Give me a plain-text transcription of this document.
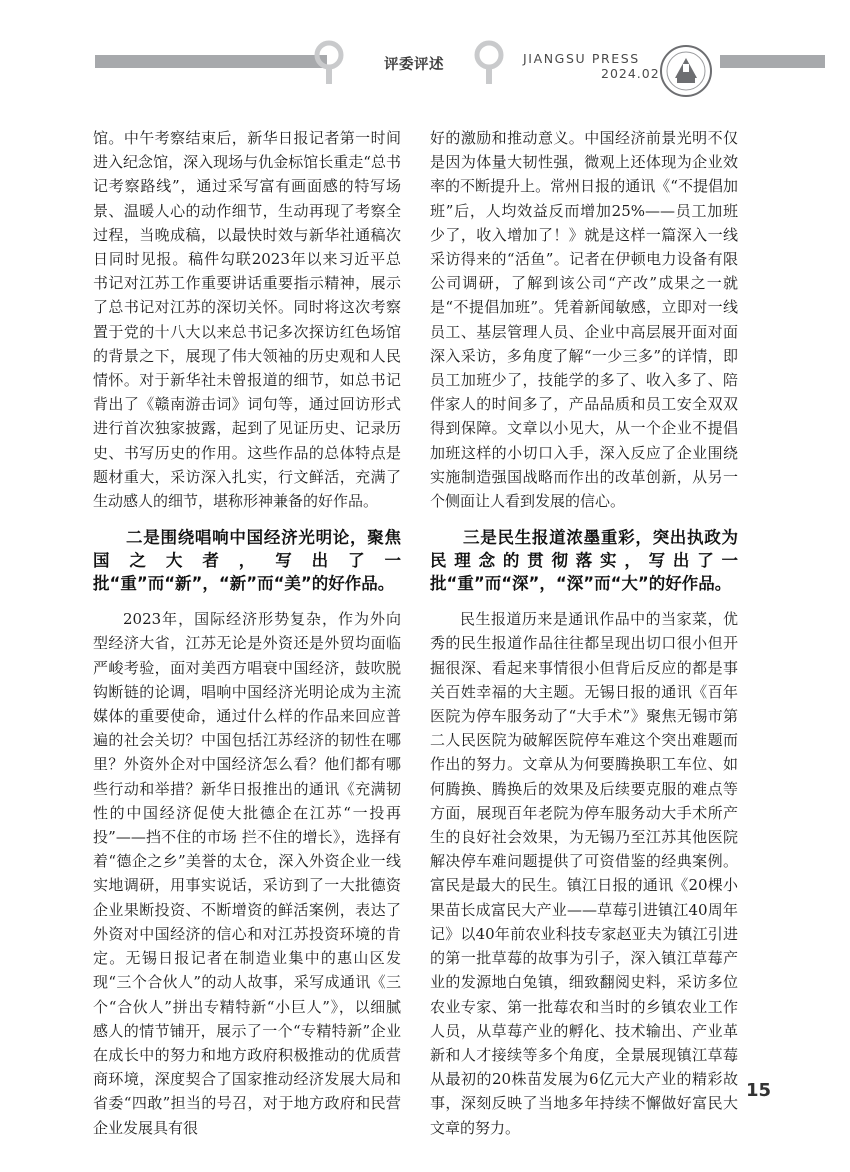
评委评述	JIANGSU PRESS
2024.02

馆。中午考察结束后，新华日报记者第一时间进入纪念馆，深入现场与仇金标馆长重走“总书记考察路线”，通过采写富有画面感的特写场景、温暖人心的动作细节，生动再现了考察全过程，当晚成稿，以最快时效与新华社通稿次日同时见报。稿件勾联2023年以来习近平总书记对江苏工作重要讲话重要指示精神，展示了总书记对江苏的深切关怀。同时将这次考察置于党的十八大以来总书记多次探访红色场馆的背景之下，展现了伟大领袖的历史观和人民情怀。对于新华社未曾报道的细节，如总书记背出了《赣南游击词》词句等，通过回访形式进行首次独家披露，起到了见证历史、记录历史、书写历史的作用。这些作品的总体特点是题材重大，采访深入扎实，行文鲜活，充满了生动感人的细节，堪称形神兼备的好作品。

二是围绕唱响中国经济光明论，聚焦国之大者，写出了一批“重”而“新”，“新”而“美”的好作品。

2023年，国际经济形势复杂，作为外向型经济大省，江苏无论是外资还是外贸均面临严峻考验，面对美西方唱衰中国经济，鼓吹脱钩断链的论调，唱响中国经济光明论成为主流媒体的重要使命，通过什么样的作品来回应普遍的社会关切？中国包括江苏经济的韧性在哪里？外资外企对中国经济怎么看？他们都有哪些行动和举措？新华日报推出的通讯《充满韧性的中国经济促使大批德企在江苏“一投再投”——挡不住的市场 拦不住的增长》，选择有着“德企之乡”美誉的太仓，深入外资企业一线实地调研，用事实说话，采访到了一大批德资企业果断投资、不断增资的鲜活案例，表达了外资对中国经济的信心和对江苏投资环境的肯定。无锡日报记者在制造业集中的惠山区发现“三个合伙人”的动人故事，采写成通讯《三个“合伙人”拼出专精特新“小巨人”》，以细腻感人的情节铺开，展示了一个“专精特新”企业在成长中的努力和地方政府积极推动的优质营商环境，深度契合了国家推动经济发展大局和省委“四敢”担当的号召，对于地方政府和民营企业发展具有很

好的激励和推动意义。中国经济前景光明不仅是因为体量大韧性强，微观上还体现为企业效率的不断提升上。常州日报的通讯《“不提倡加班”后，人均效益反而增加25%——员工加班少了，收入增加了！》就是这样一篇深入一线采访得来的“活鱼”。记者在伊顿电力设备有限公司调研，了解到该公司“产改”成果之一就是“不提倡加班”。凭着新闻敏感，立即对一线员工、基层管理人员、企业中高层展开面对面深入采访，多角度了解“一少三多”的详情，即员工加班少了，技能学的多了、收入多了、陪伴家人的时间多了，产品品质和员工安全双双得到保障。文章以小见大，从一个企业不提倡加班这样的小切口入手，深入反应了企业围绕实施制造强国战略而作出的改革创新，从另一个侧面让人看到发展的信心。

三是民生报道浓墨重彩，突出执政为民理念的贯彻落实，写出了一批“重”而“深”，“深”而“大”的好作品。

民生报道历来是通讯作品中的当家菜，优秀的民生报道作品往往都呈现出切口很小但开掘很深、看起来事情很小但背后反应的都是事关百姓幸福的大主题。无锡日报的通讯《百年医院为停车服务动了“大手术”》聚焦无锡市第二人民医院为破解医院停车难这个突出难题而作出的努力。文章从为何要腾换职工车位、如何腾换、腾换后的效果及后续要克服的难点等方面，展现百年老院为停车服务动大手术所产生的良好社会效果，为无锡乃至江苏其他医院解决停车难问题提供了可资借鉴的经典案例。富民是最大的民生。镇江日报的通讯《20棵小果苗长成富民大产业——草莓引进镇江40周年记》以40年前农业科技专家赵亚夫为镇江引进的第一批草莓的故事为引子，深入镇江草莓产业的发源地白兔镇，细致翻阅史料，采访多位农业专家、第一批莓农和当时的乡镇农业工作人员，从草莓产业的孵化、技术输出、产业革新和人才接续等多个角度，全景展现镇江草莓从最初的20株苗发展为6亿元大产业的精彩故事，深刻反映了当地多年持续不懈做好富民大文章的努力。

15
